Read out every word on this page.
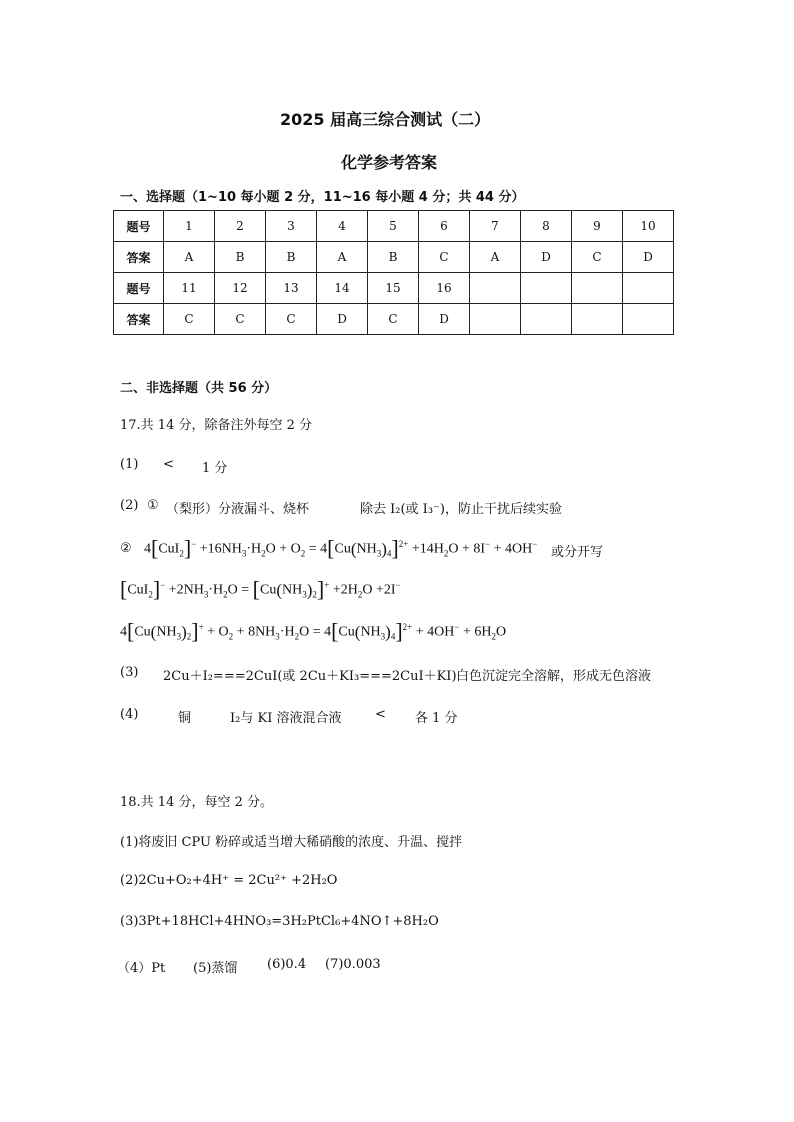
2025 届高三综合测试（二）
化学参考答案
一、选择题（1~10 每小题 2 分，11~16 每小题 4 分；共 44 分）
题号	1	2	3	4	5	6	7	8	9	10
答案	A	B	B	A	B	C	A	D	C	D
题号	11	12	13	14	15	16				
答案	C	C	C	D	C	D				
二、非选择题（共 56 分）
17.共 14 分，除备注外每空 2 分
(1) < 1 分
(2) ① （梨形）分液漏斗、烧杯	除去 I₂(或 I₃⁻)，防止干扰后续实验
② $4[CuI_2]^- +16NH_3\cdot H_2O + O_2 = 4[Cu(NH_3)_4]^{2+} +14H_2O + 8I^- + 4OH^-$
或分开写
$[CuI_2]^- +2NH_3\cdot H_2O = [Cu(NH_3)_2]^+ +2H_2O +2I^-$
$4[Cu(NH_3)_2]^+ + O_2 + 8NH_3\cdot H_2O = 4[Cu(NH_3)_4]^{2+} + 4OH^- + 6H_2O$
(3) 2Cu＋I₂===2CuI(或 2Cu＋KI₃===2CuI＋KI) 白色沉淀完全溶解，形成无色溶液
(4)	铜	I₂与 KI 溶液混合液	< 各 1 分
18.共 14 分，每空 2 分。
(1)将废旧 CPU 粉碎或适当增大稀硝酸的浓度、升温、搅拌
(2)2Cu+O₂+4H⁺ = 2Cu²⁺ +2H₂O
(3)3Pt+18HCl+4HNO₃=3H₂PtCl₆+4NO↑+8H₂O
（4）Pt (5)蒸馏 (6)0.4 (7)0.003
